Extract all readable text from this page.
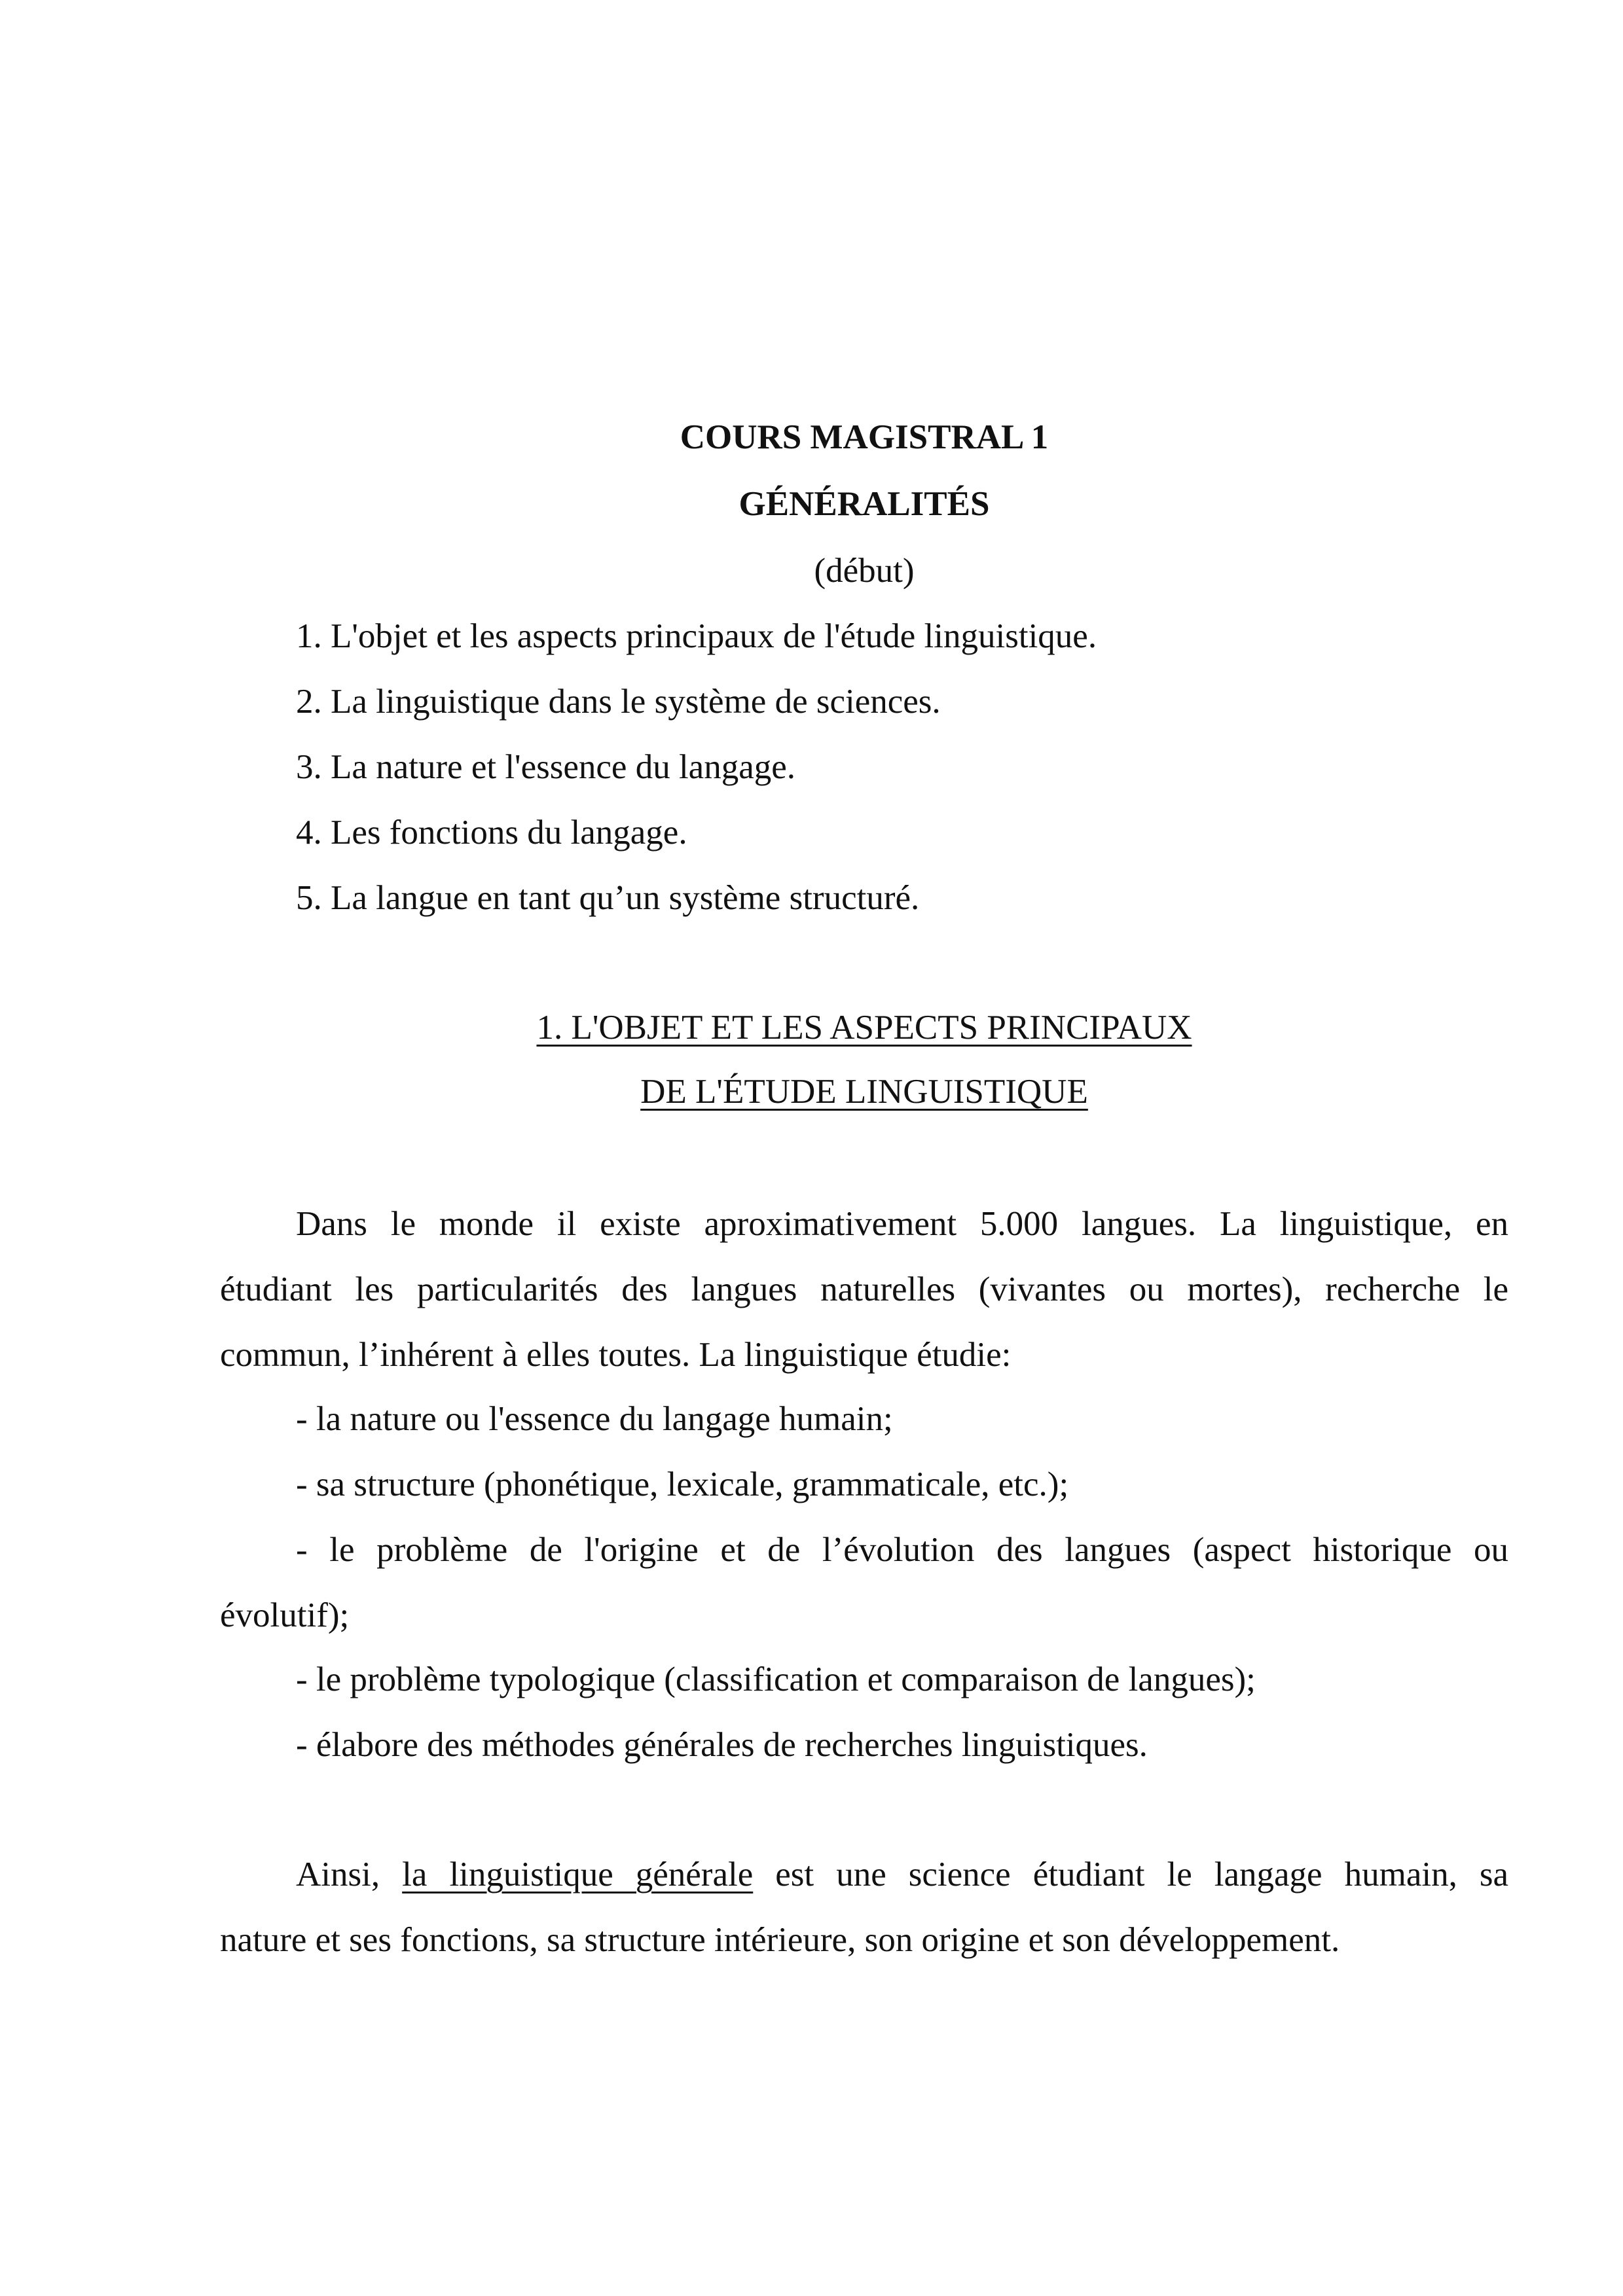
COURS MAGISTRAL 1

GÉNÉRALITÉS

(début)

1. L'objet et les aspects principaux de l'étude linguistique.

2. La linguistique dans le système de sciences.

3. La nature et l'essence du langage.

4. Les fonctions du langage.

5. La langue en tant qu’un système structuré.

1. L'OBJET ET LES ASPECTS PRINCIPAUX

DE L'ÉTUDE LINGUISTIQUE

Dans le monde il existe aproximativement 5.000 langues. La linguistique, en

étudiant les particularités des langues naturelles (vivantes ou mortes), recherche le

commun, l’inhérent à elles toutes. La linguistique étudie:

- la nature ou l'essence du langage humain;

- sa structure (phonétique, lexicale, grammaticale, etc.);

- le problème de l'origine et de l’évolution des langues (aspect historique ou

évolutif);

- le problème typologique (classification et comparaison de langues);

- élabore des méthodes générales de recherches linguistiques.

Ainsi, la linguistique générale est une science étudiant le langage humain, sa

nature et ses fonctions, sa structure intérieure, son origine et son développement.
